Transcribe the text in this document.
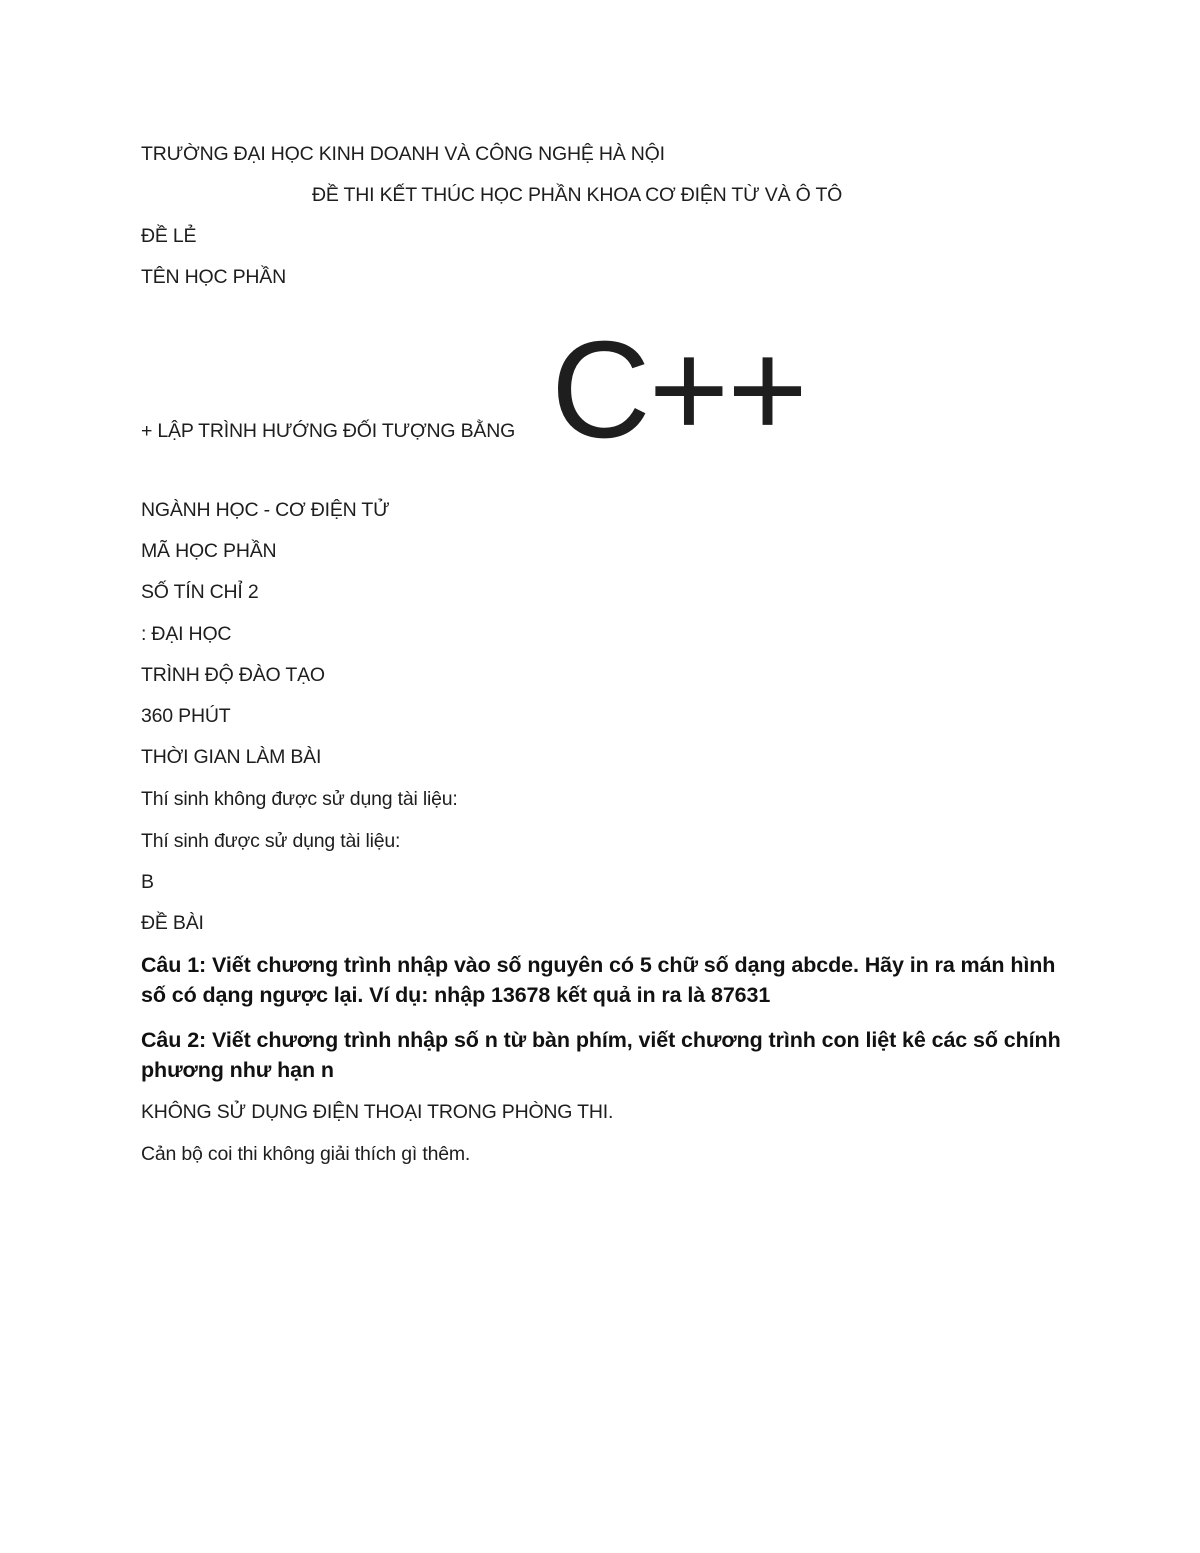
TRƯỜNG ĐẠI HỌC KINH DOANH VÀ CÔNG NGHỆ HÀ NỘI
ĐỀ THI KẾT THÚC HỌC PHẦN KHOA CƠ ĐIỆN TỪ VÀ Ô TÔ
ĐỀ LẺ
TÊN HỌC PHẦN
+ LẬP TRÌNH HƯỚNG ĐỐI TƯỢNG BẰNG C++
NGÀNH HỌC - CƠ ĐIỆN TỬ
MÃ HỌC PHẦN
SỐ TÍN CHỈ 2
: ĐẠI HỌC
TRÌNH ĐỘ ĐÀO TẠO
360 PHÚT
THỜI GIAN LÀM BÀI
Thí sinh không được sử dụng tài liệu:
Thí sinh được sử dụng tài liệu:
B
ĐỀ BÀI
Câu 1: Viết chương trình nhập vào số nguyên có 5 chữ số dạng abcde. Hãy in ra mán hình số có dạng ngược lại. Ví dụ: nhập 13678 kết quả in ra là 87631
Câu 2: Viết chương trình nhập số n từ bàn phím, viết chương trình con liệt kê các số chính phương như hạn n
KHÔNG SỬ DỤNG ĐIỆN THOẠI TRONG PHÒNG THI.
Cản bộ coi thi không giải thích gì thêm.
